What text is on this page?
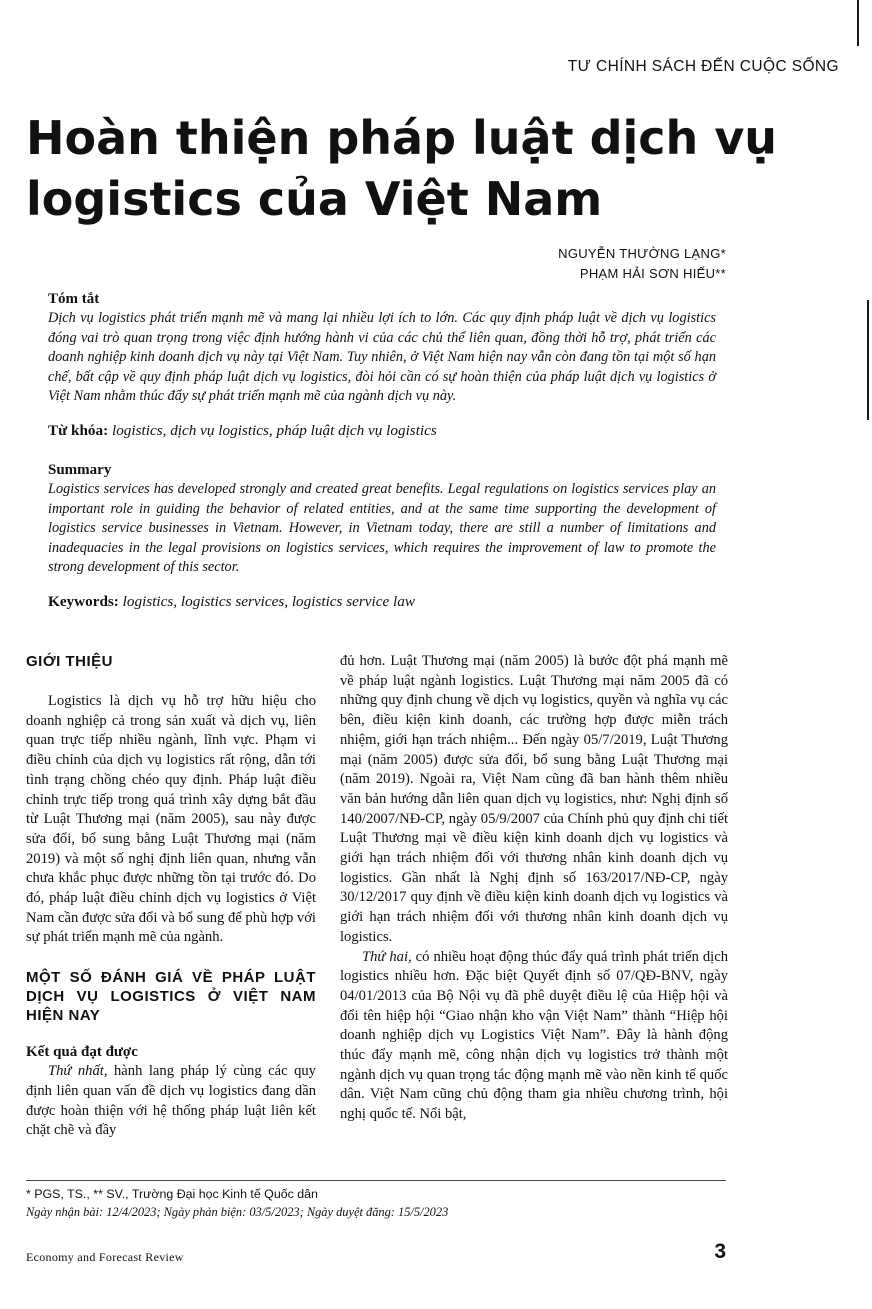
TƯ CHÍNH SÁCH ĐẾN CUỘC SỐNG
Hoàn thiện pháp luật dịch vụ logistics của Việt Nam
NGUYỄN THƯỜNG LẠNG*
PHẠM HẢI SƠN HIẾU**
Tóm tắt

Dịch vụ logistics phát triển mạnh mẽ và mang lại nhiều lợi ích to lớn. Các quy định pháp luật về dịch vụ logistics đóng vai trò quan trọng trong việc định hướng hành vi của các chủ thể liên quan, đồng thời hỗ trợ, phát triển các doanh nghiệp kinh doanh dịch vụ này tại Việt Nam. Tuy nhiên, ở Việt Nam hiện nay vẫn còn đang tồn tại một số hạn chế, bất cập về quy định pháp luật dịch vụ logistics, đòi hỏi cần có sự hoàn thiện của pháp luật dịch vụ logistics ở Việt Nam nhằm thúc đẩy sự phát triển mạnh mẽ của ngành dịch vụ này.

Từ khóa: logistics, dịch vụ logistics, pháp luật dịch vụ logistics
Summary

Logistics services has developed strongly and created great benefits. Legal regulations on logistics services play an important role in guiding the behavior of related entities, and at the same time supporting the development of logistics service businesses in Vietnam. However, in Vietnam today, there are still a number of limitations and inadequacies in the legal provisions on logistics services, which requires the improvement of law to promote the strong development of this sector.

Keywords: logistics, logistics services, logistics service law
GIỚI THIỆU

Logistics là dịch vụ hỗ trợ hữu hiệu cho doanh nghiệp cả trong sản xuất và dịch vụ, liên quan trực tiếp nhiều ngành, lĩnh vực. Phạm vi điều chỉnh của dịch vụ logistics rất rộng, dẫn tới tình trạng chồng chéo quy định. Pháp luật điều chỉnh trực tiếp trong quá trình xây dựng bắt đầu từ Luật Thương mại (năm 2005), sau này được sửa đổi, bổ sung bằng Luật Thương mại (năm 2019) và một số nghị định liên quan, nhưng vẫn chưa khắc phục được những tồn tại trước đó. Do đó, pháp luật điều chỉnh dịch vụ logistics ở Việt Nam cần được sửa đổi và bổ sung để phù hợp với sự phát triển mạnh mẽ của ngành.

MỘT SỐ ĐÁNH GIÁ VỀ PHÁP LUẬT DỊCH VỤ LOGISTICS Ở VIỆT NAM HIỆN NAY
Kết quả đạt được

Thứ nhất, hành lang pháp lý cùng các quy định liên quan vấn đề dịch vụ logistics đang dần được hoàn thiện với hệ thống pháp luật liên kết chặt chẽ và đầy

đủ hơn. Luật Thương mại (năm 2005) là bước đột phá mạnh mẽ về pháp luật ngành logistics. Luật Thương mại năm 2005 đã có những quy định chung về dịch vụ logistics, quyền và nghĩa vụ các bên, điều kiện kinh doanh, các trường hợp được miễn trách nhiệm, giới hạn trách nhiệm... Đến ngày 05/7/2019, Luật Thương mại (năm 2005) được sửa đổi, bổ sung bằng Luật Thương mại (năm 2019). Ngoài ra, Việt Nam cũng đã ban hành thêm nhiều văn bản hướng dẫn liên quan dịch vụ logistics, như: Nghị định số 140/2007/NĐ-CP, ngày 05/9/2007 của Chính phủ quy định chi tiết Luật Thương mại về điều kiện kinh doanh dịch vụ logistics và giới hạn trách nhiệm đối với thương nhân kinh doanh dịch vụ logistics. Gần nhất là Nghị định số 163/2017/NĐ-CP, ngày 30/12/2017 quy định về điều kiện kinh doanh dịch vụ logistics và giới hạn trách nhiệm đối với thương nhân kinh doanh dịch vụ logistics.

Thứ hai, có nhiều hoạt động thúc đẩy quá trình phát triển dịch logistics nhiều hơn. Đặc biệt Quyết định số 07/QĐ-BNV, ngày 04/01/2013 của Bộ Nội vụ đã phê duyệt điều lệ của Hiệp hội và đổi tên hiệp hội “Giao nhận kho vận Việt Nam” thành “Hiệp hội doanh nghiệp dịch vụ Logistics Việt Nam”. Đây là hành động thúc đẩy mạnh mẽ, công nhận dịch vụ logistics trở thành một ngành dịch vụ quan trọng tác động mạnh mẽ vào nền kinh tế quốc dân. Việt Nam cũng chủ động tham gia nhiều chương trình, hội nghị quốc tế. Nổi bật,

* PGS, TS., ** SV., Trường Đại học Kinh tế Quốc dân
Ngày nhận bài: 12/4/2023; Ngày phản biện: 03/5/2023; Ngày duyệt đăng: 15/5/2023
Economy and Forecast Review	3
